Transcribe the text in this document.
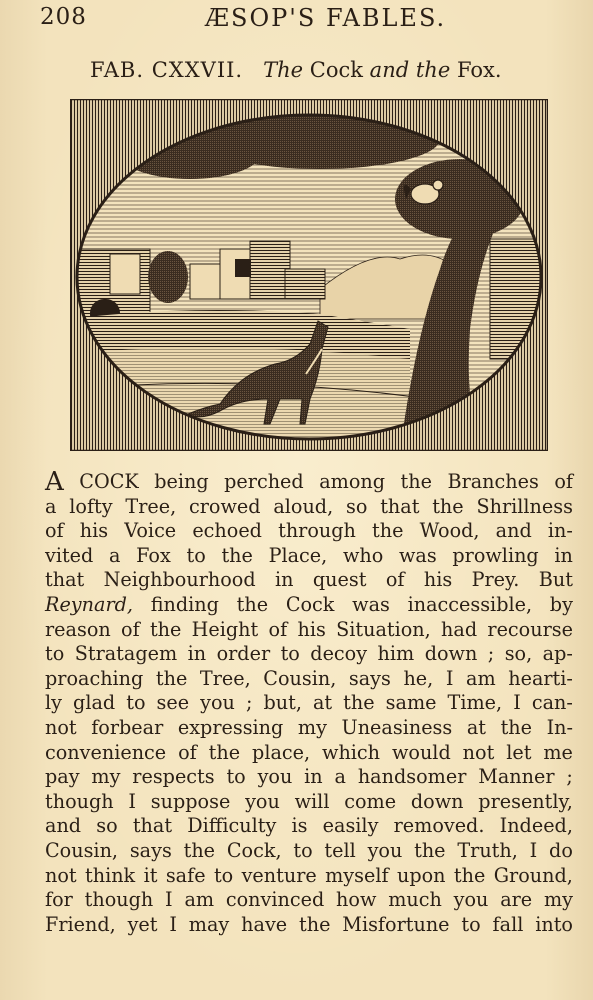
208	ÆSOP'S FABLES.
FAB. CXXVII. The Cock and the Fox.
A COCK being perched among the Branches of
a lofty Tree, crowed aloud, so that the Shrillness
of his Voice echoed through the Wood, and in-
vited a Fox to the Place, who was prowling in
that Neighbourhood in quest of his Prey. But
Reynard, finding the Cock was inaccessible, by
reason of the Height of his Situation, had recourse
to Stratagem in order to decoy him down ; so, ap-
proaching the Tree, Cousin, says he, I am hearti-
ly glad to see you ; but, at the same Time, I can-
not forbear expressing my Uneasiness at the In-
convenience of the place, which would not let me
pay my respects to you in a handsomer Manner ;
though I suppose you will come down presently,
and so that Difficulty is easily removed. Indeed,
Cousin, says the Cock, to tell you the Truth, I do
not think it safe to venture myself upon the Ground,
for though I am convinced how much you are my
Friend, yet I may have the Misfortune to fall into
